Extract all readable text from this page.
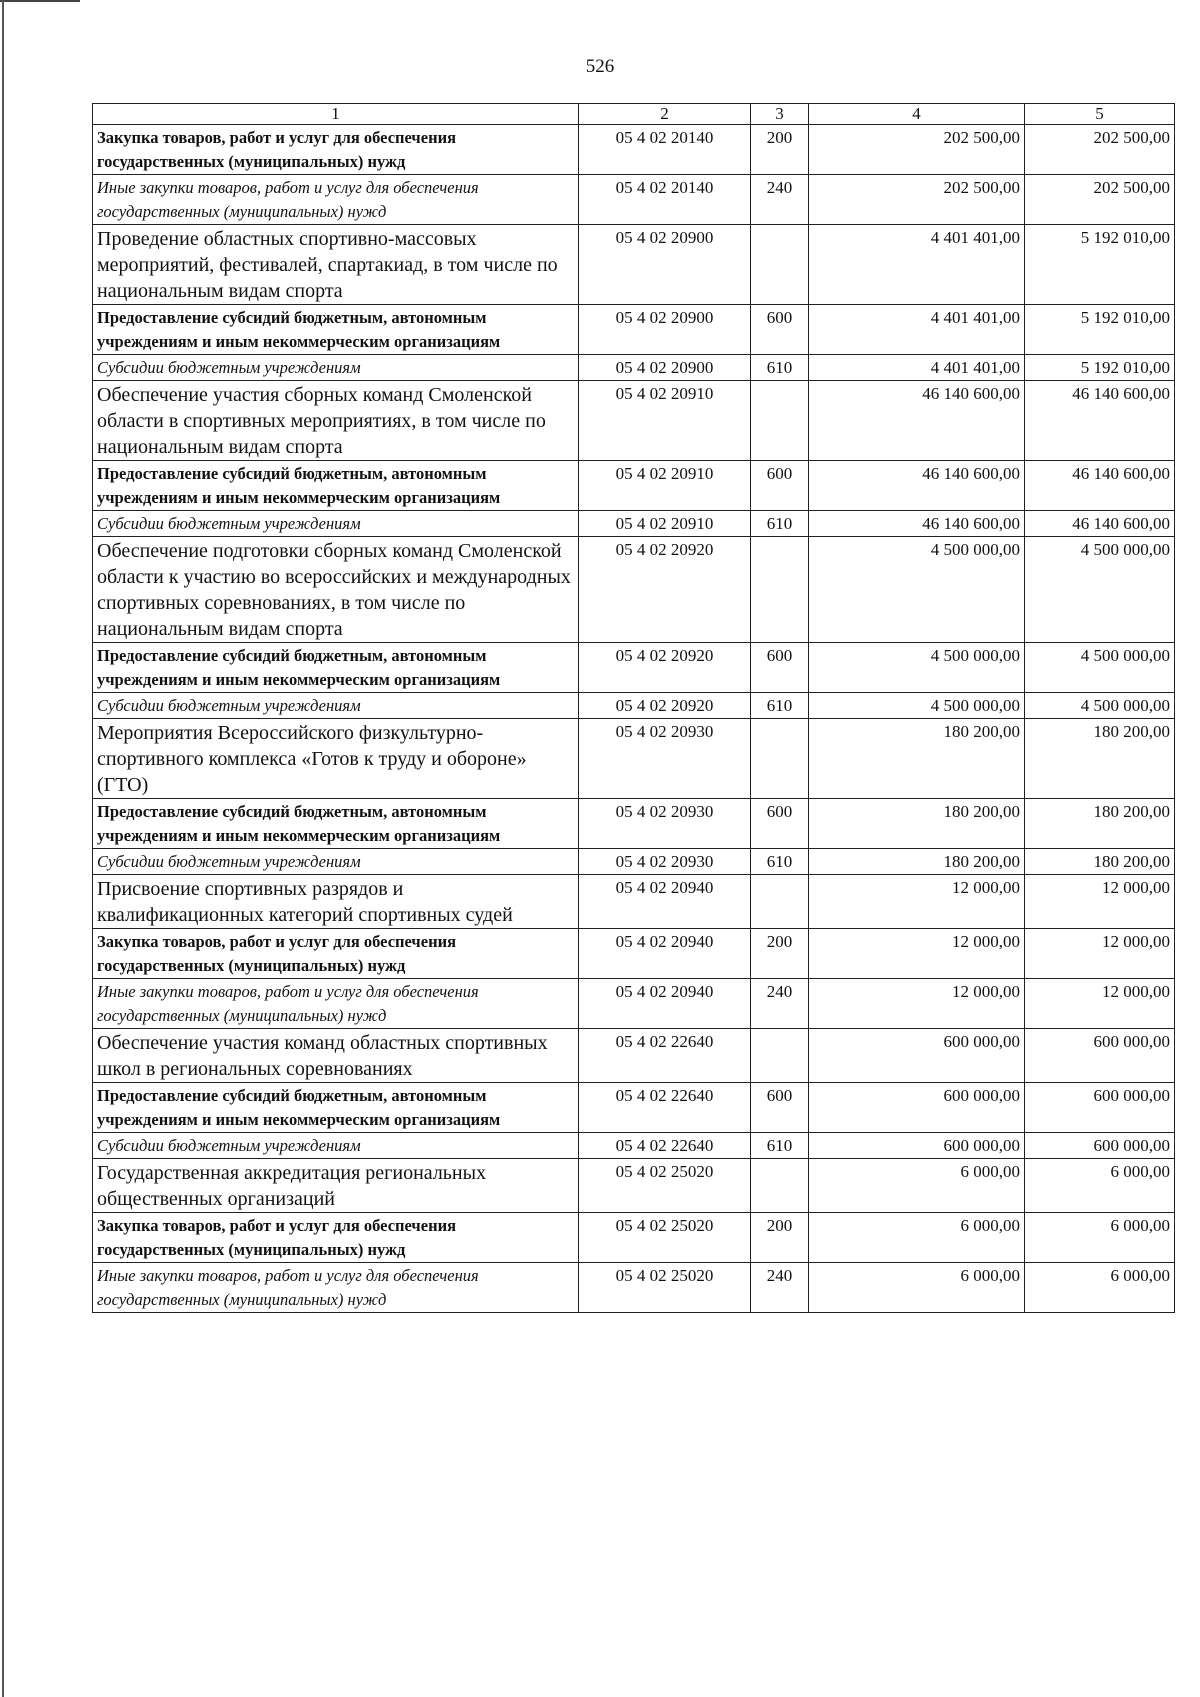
526
1	2	3	4	5
Закупка товаров, работ и услуг для обеспечения государственных (муниципальных) нужд	05 4 02 20140	200	202 500,00	202 500,00
Иные закупки товаров, работ и услуг для обеспечения государственных (муниципальных) нужд	05 4 02 20140	240	202 500,00	202 500,00
Проведение областных спортивно-массовых мероприятий, фестивалей, спартакиад, в том числе по национальным видам спорта	05 4 02 20900		4 401 401,00	5 192 010,00
Предоставление субсидий бюджетным, автономным учреждениям и иным некоммерческим организациям	05 4 02 20900	600	4 401 401,00	5 192 010,00
Субсидии бюджетным учреждениям	05 4 02 20900	610	4 401 401,00	5 192 010,00
Обеспечение участия сборных команд Смоленской области в спортивных мероприятиях, в том числе по национальным видам спорта	05 4 02 20910		46 140 600,00	46 140 600,00
Предоставление субсидий бюджетным, автономным учреждениям и иным некоммерческим организациям	05 4 02 20910	600	46 140 600,00	46 140 600,00
Субсидии бюджетным учреждениям	05 4 02 20910	610	46 140 600,00	46 140 600,00
Обеспечение подготовки сборных команд Смоленской области к участию во всероссийских и международных спортивных соревнованиях, в том числе по национальным видам спорта	05 4 02 20920		4 500 000,00	4 500 000,00
Предоставление субсидий бюджетным, автономным учреждениям и иным некоммерческим организациям	05 4 02 20920	600	4 500 000,00	4 500 000,00
Субсидии бюджетным учреждениям	05 4 02 20920	610	4 500 000,00	4 500 000,00
Мероприятия Всероссийского физкультурно-спортивного комплекса «Готов к труду и обороне» (ГТО)	05 4 02 20930		180 200,00	180 200,00
Предоставление субсидий бюджетным, автономным учреждениям и иным некоммерческим организациям	05 4 02 20930	600	180 200,00	180 200,00
Субсидии бюджетным учреждениям	05 4 02 20930	610	180 200,00	180 200,00
Присвоение спортивных разрядов и квалификационных категорий спортивных судей	05 4 02 20940		12 000,00	12 000,00
Закупка товаров, работ и услуг для обеспечения государственных (муниципальных) нужд	05 4 02 20940	200	12 000,00	12 000,00
Иные закупки товаров, работ и услуг для обеспечения государственных (муниципальных) нужд	05 4 02 20940	240	12 000,00	12 000,00
Обеспечение участия команд областных спортивных школ в региональных соревнованиях	05 4 02 22640		600 000,00	600 000,00
Предоставление субсидий бюджетным, автономным учреждениям и иным некоммерческим организациям	05 4 02 22640	600	600 000,00	600 000,00
Субсидии бюджетным учреждениям	05 4 02 22640	610	600 000,00	600 000,00
Государственная аккредитация региональных общественных организаций	05 4 02 25020		6 000,00	6 000,00
Закупка товаров, работ и услуг для обеспечения государственных (муниципальных) нужд	05 4 02 25020	200	6 000,00	6 000,00
Иные закупки товаров, работ и услуг для обеспечения государственных (муниципальных) нужд	05 4 02 25020	240	6 000,00	6 000,00
